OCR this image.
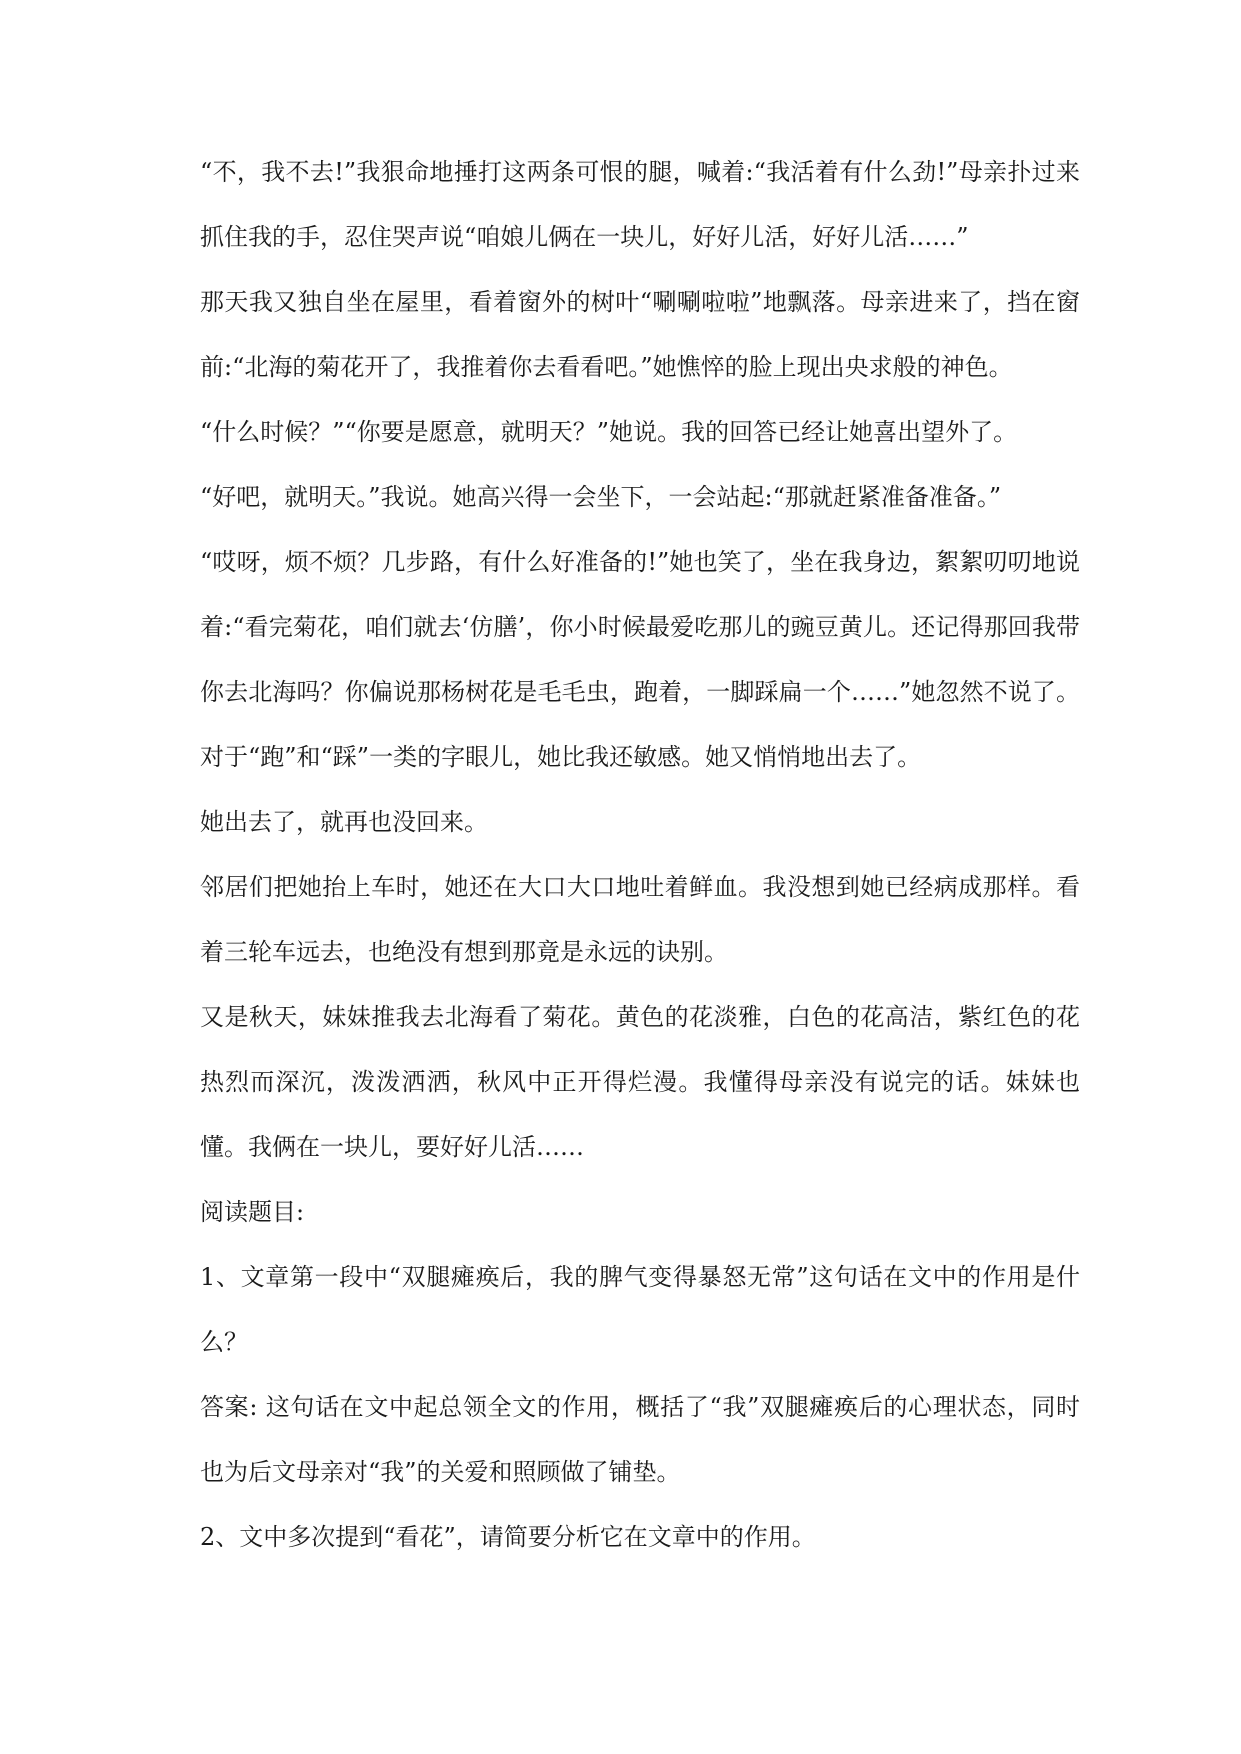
“不，我不去!”我狠命地捶打这两条可恨的腿，喊着:“我活着有什么劲!”母亲扑过来抓住我的手，忍住哭声说“咱娘儿俩在一块儿，好好儿活，好好儿活……”

那天我又独自坐在屋里，看着窗外的树叶“唰唰啦啦”地飘落。母亲进来了，挡在窗前:“北海的菊花开了，我推着你去看看吧。”她憔悴的脸上现出央求般的神色。

“什么时候？”“你要是愿意，就明天？”她说。我的回答已经让她喜出望外了。

“好吧，就明天。”我说。她高兴得一会坐下，一会站起:“那就赶紧准备准备。”

“哎呀，烦不烦？几步路，有什么好准备的!”她也笑了，坐在我身边，絮絮叨叨地说着:“看完菊花，咱们就去‘仿膳’，你小时候最爱吃那儿的豌豆黄儿。还记得那回我带你去北海吗？你偏说那杨树花是毛毛虫，跑着，一脚踩扁一个……”她忽然不说了。对于“跑”和“踩”一类的字眼儿，她比我还敏感。她又悄悄地出去了。

她出去了，就再也没回来。

邻居们把她抬上车时，她还在大口大口地吐着鲜血。我没想到她已经病成那样。看着三轮车远去，也绝没有想到那竟是永远的诀别。

又是秋天，妹妹推我去北海看了菊花。黄色的花淡雅，白色的花高洁，紫红色的花热烈而深沉，泼泼洒洒，秋风中正开得烂漫。我懂得母亲没有说完的话。妹妹也懂。我俩在一块儿，要好好儿活……

阅读题目:

1、文章第一段中“双腿瘫痪后，我的脾气变得暴怒无常”这句话在文中的作用是什么？

答案: 这句话在文中起总领全文的作用，概括了“我”双腿瘫痪后的心理状态，同时也为后文母亲对“我”的关爱和照顾做了铺垫。

2、文中多次提到“看花”，请简要分析它在文章中的作用。
